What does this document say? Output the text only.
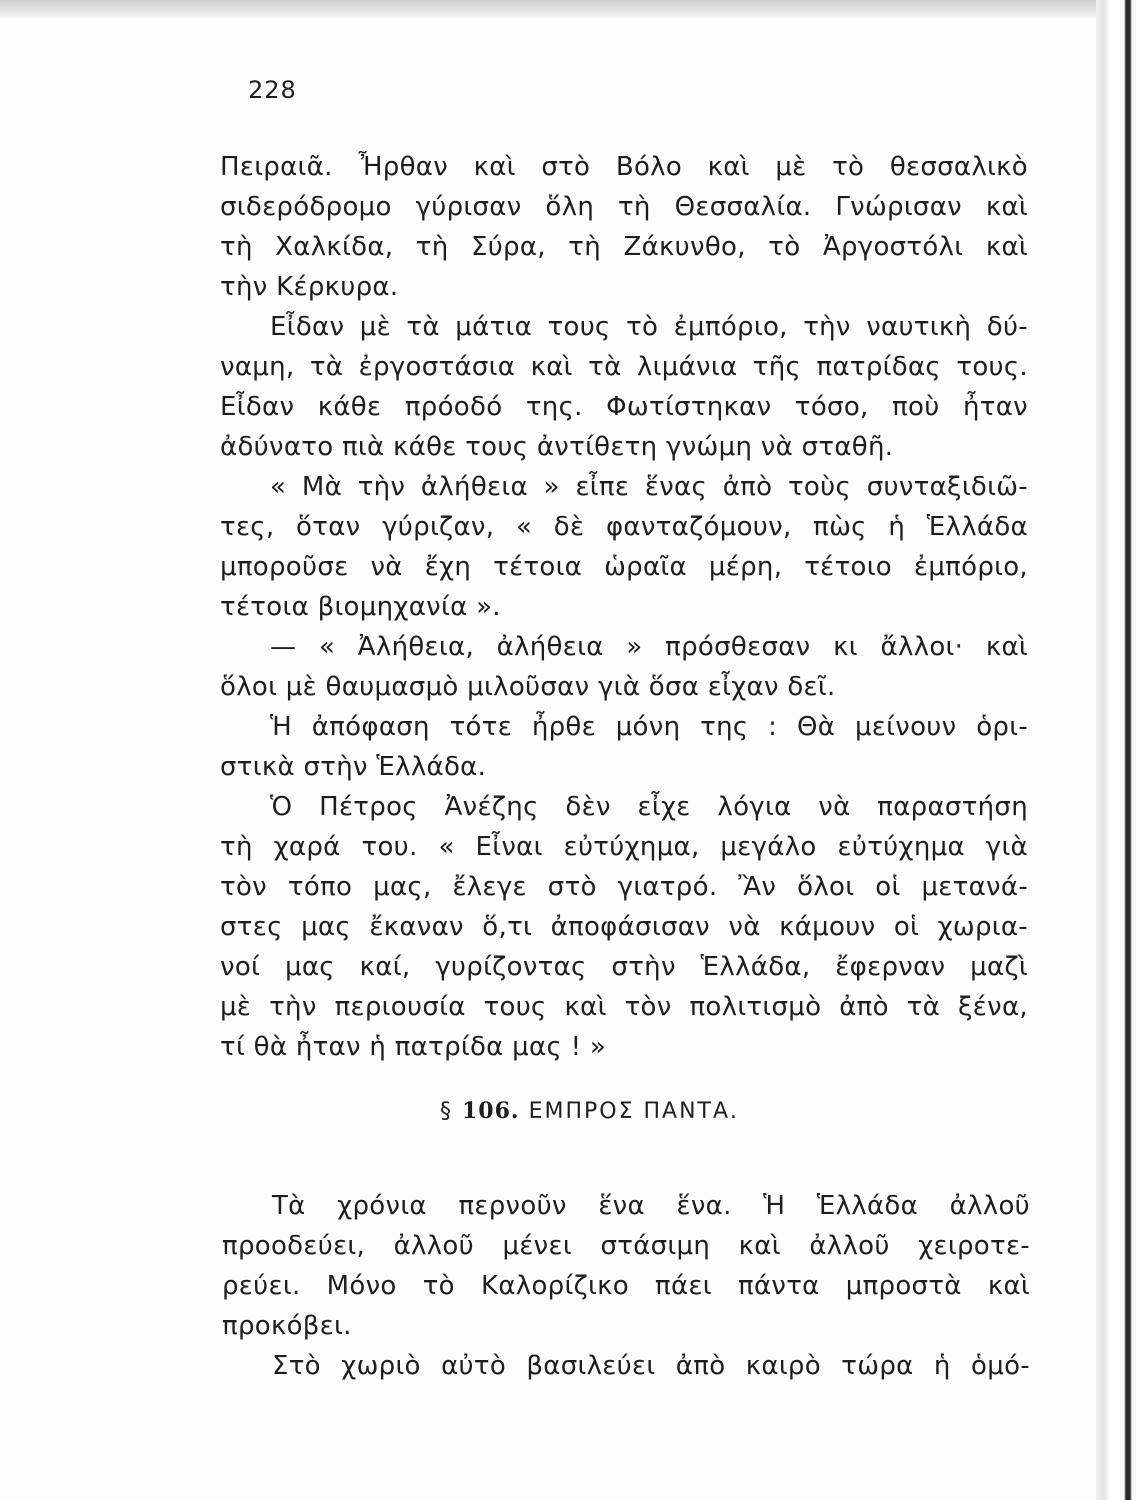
228
Πειραιᾶ. Ἦρθαν καὶ στὸ Βόλο καὶ μὲ τὸ θεσσαλικὸ
σιδερόδρομο γύρισαν ὅλη τὴ Θεσσαλία. Γνώρισαν καὶ
τὴ Χαλκίδα, τὴ Σύρα, τὴ Ζάκυνθο, τὸ Ἀργοστόλι καὶ
τὴν Κέρκυρα.
Εἶδαν μὲ τὰ μάτια τους τὸ ἐμπόριο, τὴν ναυτικὴ δύ-
ναμη, τὰ ἐργοστάσια καὶ τὰ λιμάνια τῆς πατρίδας τους.
Εἶδαν κάθε πρόοδό της. Φωτίστηκαν τόσο, ποὺ ἦταν
ἀδύνατο πιὰ κάθε τους ἀντίθετη γνώμη νὰ σταθῆ.
« Μὰ τὴν ἀλήθεια » εἶπε ἕνας ἀπὸ τοὺς συνταξιδιῶ-
τες, ὅταν γύριζαν, « δὲ φανταζόμουν, πὼς ἡ Ἑλλάδα
μποροῦσε νὰ ἔχη τέτοια ὡραῖα μέρη, τέτοιο ἐμπόριο,
τέτοια βιομηχανία ».
— « Ἀλήθεια, ἀλήθεια » πρόσθεσαν κι ἄλλοι· καὶ
ὅλοι μὲ θαυμασμὸ μιλοῦσαν γιὰ ὅσα εἶχαν δεῖ.
Ἡ ἀπόφαση τότε ἦρθε μόνη της : Θὰ μείνουν ὁρι-
στικὰ στὴν Ἑλλάδα.
Ὁ Πέτρος Ἀνέζης δὲν εἶχε λόγια νὰ παραστήση
τὴ χαρά του. « Εἶναι εὐτύχημα, μεγάλο εὐτύχημα γιὰ
τὸν τόπο μας, ἔλεγε στὸ γιατρό. Ἂν ὅλοι οἱ μετανά-
στες μας ἔκαναν ὅ,τι ἀποφάσισαν νὰ κάμουν οἱ χωρια-
νοί μας καί, γυρίζοντας στὴν Ἑλλάδα, ἔφερναν μαζὶ
μὲ τὴν περιουσία τους καὶ τὸν πολιτισμὸ ἀπὸ τὰ ξένα,
τί θὰ ἦταν ἡ πατρίδα μας ! »
§ 106. ΕΜΠΡΟΣ ΠΑΝΤΑ.
Τὰ χρόνια περνοῦν ἕνα ἕνα. Ἡ Ἑλλάδα ἀλλοῦ
προοδεύει, ἀλλοῦ μένει στάσιμη καὶ ἀλλοῦ χειροτε-
ρεύει. Μόνο τὸ Καλορίζικο πάει πάντα μπροστὰ καὶ
προκόβει.
Στὸ χωριὸ αὐτὸ βασιλεύει ἀπὸ καιρὸ τώρα ἡ ὁμό-
